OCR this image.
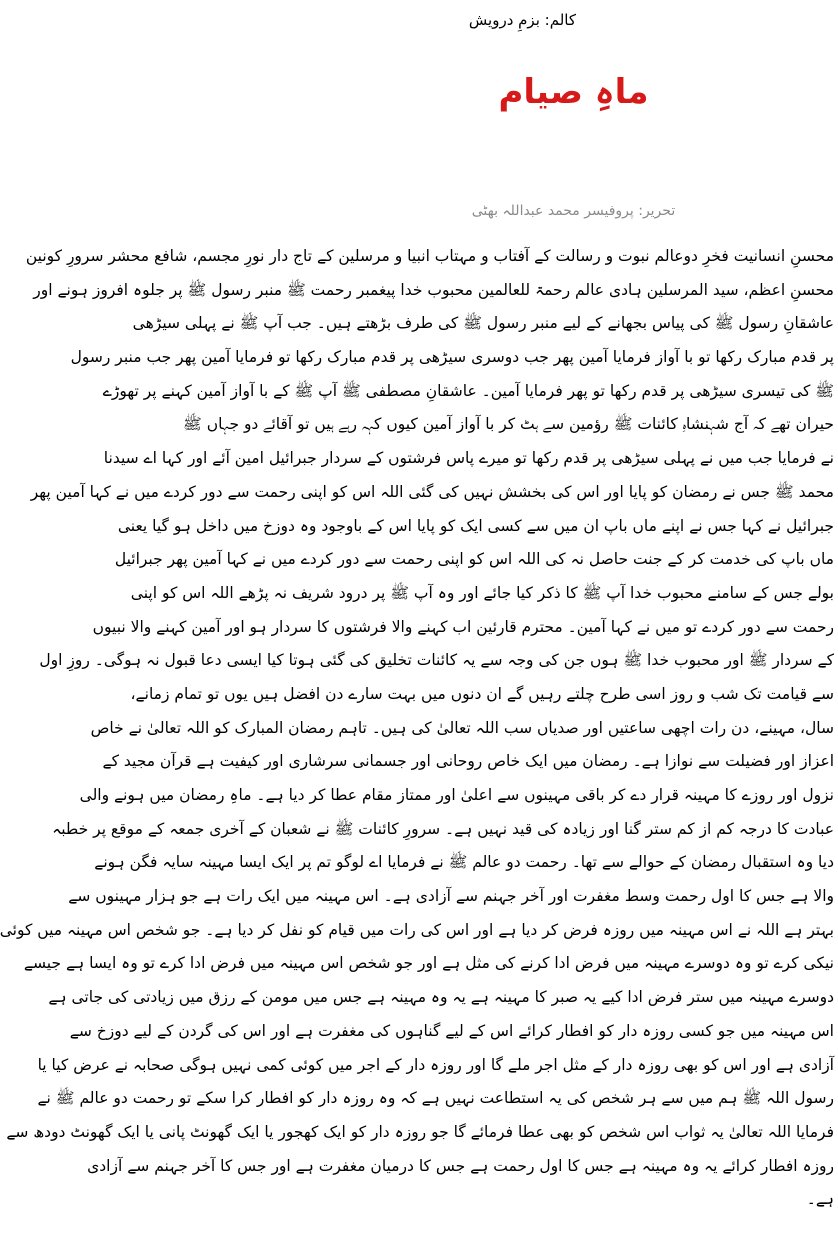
کالم: بزمِ درویش
ماہِ صیام
تحریر: پروفیسر محمد عبداللہ بھٹی
محسنِ انسانیت فخرِ دوعالم نبوت و رسالت کے آفتاب و مہتاب انبیا و مرسلین کے تاج دار نورِ مجسم، شافع محشر سرورِ کونین
محسنِ اعظم، سید المرسلین ہادی عالم رحمۃ للعالمین محبوب خدا پیغمبر رحمت ﷺ منبر رسول ﷺ پر جلوہ افروز ہونے اور
عاشقانِ رسول ﷺ کی پیاس بجھانے کے لیے منبر رسول ﷺ کی طرف بڑھتے ہیں۔ جب آپ ﷺ نے پہلی سیڑھی
پر قدم مبارک رکھا تو با آواز فرمایا آمین پھر جب دوسری سیڑھی پر قدم مبارک رکھا تو فرمایا آمین پھر جب منبر رسول
ﷺ کی تیسری سیڑھی پر قدم رکھا تو پھر فرمایا آمین۔ عاشقانِ مصطفی ﷺ آپ ﷺ کے با آواز آمین کہنے پر تھوڑے
حیران تھے کہ آج شہنشاہِ کائنات ﷺ رؤمین سے ہٹ کر با آواز آمین کیوں کہہ رہے ہیں تو آقائے دو جہاں ﷺ
نے فرمایا جب میں نے پہلی سیڑھی پر قدم رکھا تو میرے پاس فرشتوں کے سردار جبرائیل امین آئے اور کہا اے سیدنا
محمد ﷺ جس نے رمضان کو پایا اور اس کی بخشش نہیں کی گئی اللہ اس کو اپنی رحمت سے دور کردے میں نے کہا آمین پھر
جبرائیل نے کہا جس نے اپنے ماں باپ ان میں سے کسی ایک کو پایا اس کے باوجود وہ دوزخ میں داخل ہو گیا یعنی
ماں باپ کی خدمت کر کے جنت حاصل نہ کی اللہ اس کو اپنی رحمت سے دور کردے میں نے کہا آمین پھر جبرائیل
بولے جس کے سامنے محبوب خدا آپ ﷺ کا ذکر کیا جائے اور وہ آپ ﷺ پر درود شریف نہ پڑھے اللہ اس کو اپنی
رحمت سے دور کردے تو میں نے کہا آمین۔ محترم قارئین اب کہنے والا فرشتوں کا سردار ہو اور آمین کہنے والا نبیوں
کے سردار ﷺ اور محبوب خدا ﷺ ہوں جن کی وجہ سے یہ کائنات تخلیق کی گئی ہوتا کیا ایسی دعا قبول نہ ہوگی۔ روزِ اول
سے قیامت تک شب و روز اسی طرح چلتے رہیں گے ان دنوں میں بہت سارے دن افضل ہیں یوں تو تمام زمانے،
سال، مہینے، دن رات اچھی ساعتیں اور صدیاں سب اللہ تعالیٰ کی ہیں۔ تاہم رمضان المبارک کو اللہ تعالیٰ نے خاص
اعزاز اور فضیلت سے نوازا ہے۔ رمضان میں ایک خاص روحانی اور جسمانی سرشاری اور کیفیت ہے قرآن مجید کے
نزول اور روزے کا مہینہ قرار دے کر باقی مہینوں سے اعلیٰ اور ممتاز مقام عطا کر دیا ہے۔ ماہِ رمضان میں ہونے والی
عبادت کا درجہ کم از کم ستر گنا اور زیادہ کی قید نہیں ہے۔ سرورِ کائنات ﷺ نے شعبان کے آخری جمعہ کے موقع پر خطبہ
دیا وہ استقبال رمضان کے حوالے سے تھا۔ رحمت دو عالم ﷺ نے فرمایا اے لوگو تم پر ایک ایسا مہینہ سایہ فگن ہونے
والا ہے جس کا اول رحمت وسط مغفرت اور آخر جہنم سے آزادی ہے۔ اس مہینہ میں ایک رات ہے جو ہزار مہینوں سے
بہتر ہے اللہ نے اس مہینہ میں روزہ فرض کر دیا ہے اور اس کی رات میں قیام کو نفل کر دیا ہے۔ جو شخص اس مہینہ میں کوئی
نیکی کرے تو وہ دوسرے مہینہ میں فرض ادا کرنے کی مثل ہے اور جو شخص اس مہینہ میں فرض ادا کرے تو وہ ایسا ہے جیسے
دوسرے مہینہ میں ستر فرض ادا کیے یہ صبر کا مہینہ ہے یہ وہ مہینہ ہے جس میں مومن کے رزق میں زیادتی کی جاتی ہے
اس مہینہ میں جو کسی روزہ دار کو افطار کرائے اس کے لیے گناہوں کی مغفرت ہے اور اس کی گردن کے لیے دوزخ سے
آزادی ہے اور اس کو بھی روزہ دار کے مثل اجر ملے گا اور روزہ دار کے اجر میں کوئی کمی نہیں ہوگی صحابہ نے عرض کیا یا
رسول اللہ ﷺ ہم میں سے ہر شخص کی یہ استطاعت نہیں ہے کہ وہ روزہ دار کو افطار کرا سکے تو رحمت دو عالم ﷺ نے
فرمایا اللہ تعالیٰ یہ ثواب اس شخص کو بھی عطا فرمائے گا جو روزہ دار کو ایک کھجور یا ایک گھونٹ پانی یا ایک گھونٹ دودھ سے
روزہ افطار کرائے یہ وہ مہینہ ہے جس کا اول رحمت ہے جس کا درمیان مغفرت ہے اور جس کا آخر جہنم سے آزادی
ہے۔
